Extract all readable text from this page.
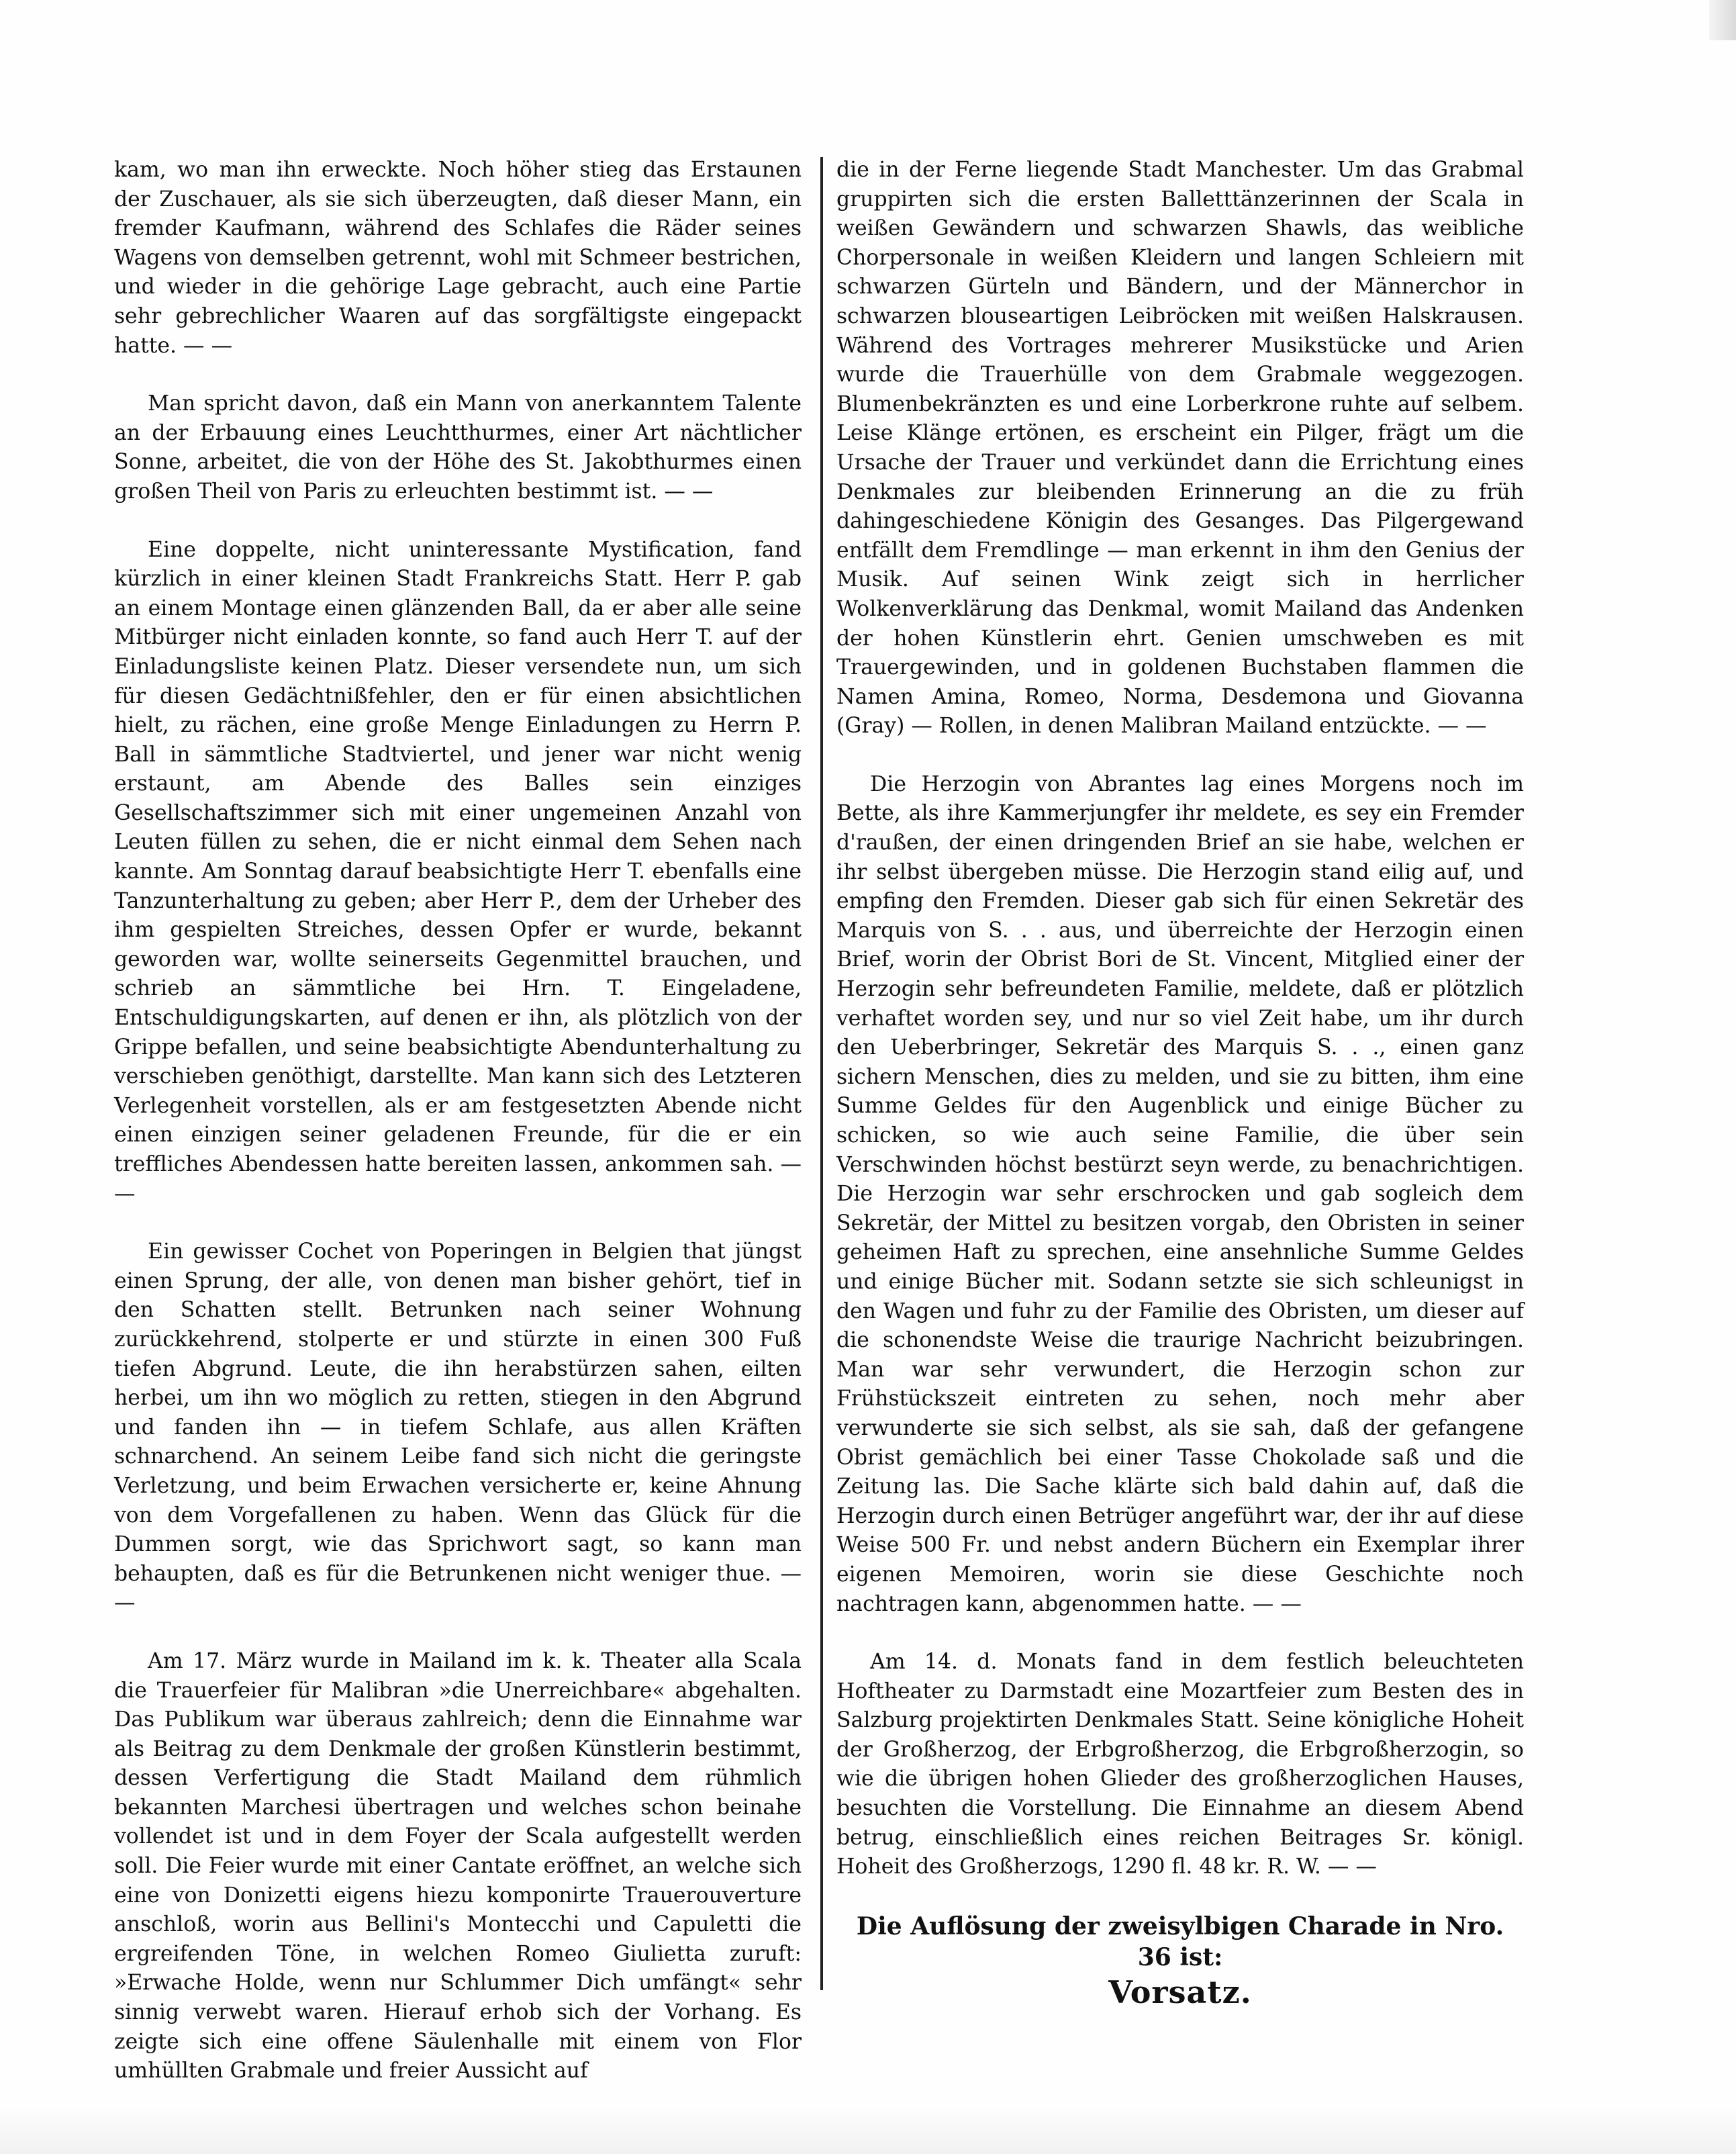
kam, wo man ihn erweckte. Noch höher stieg das Erstaunen der Zuschauer, als sie sich überzeugten, daß dieser Mann, ein fremder Kaufmann, während des Schlafes die Räder seines Wagens von demselben getrennt, wohl mit Schmeer bestrichen, und wieder in die gehörige Lage gebracht, auch eine Partie sehr gebrechlicher Waaren auf das sorgfältigste eingepackt hatte. — —

Man spricht davon, daß ein Mann von anerkanntem Talente an der Erbauung eines Leuchtthurmes, einer Art nächtlicher Sonne, arbeitet, die von der Höhe des St. Jakobthurmes einen großen Theil von Paris zu erleuchten bestimmt ist. — —

Eine doppelte, nicht uninteressante Mystification, fand kürzlich in einer kleinen Stadt Frankreichs Statt. Herr P. gab an einem Montage einen glänzenden Ball, da er aber alle seine Mitbürger nicht einladen konnte, so fand auch Herr T. auf der Einladungsliste keinen Platz. Dieser versendete nun, um sich für diesen Gedächtnißfehler, den er für einen absichtlichen hielt, zu rächen, eine große Menge Einladungen zu Herrn P. Ball in sämmtliche Stadtviertel, und jener war nicht wenig erstaunt, am Abende des Balles sein einziges Gesellschaftszimmer sich mit einer ungemeinen Anzahl von Leuten füllen zu sehen, die er nicht einmal dem Sehen nach kannte. Am Sonntag darauf beabsichtigte Herr T. ebenfalls eine Tanzunterhaltung zu geben; aber Herr P., dem der Urheber des ihm gespielten Streiches, dessen Opfer er wurde, bekannt geworden war, wollte seinerseits Gegenmittel brauchen, und schrieb an sämmtliche bei Hrn. T. Eingeladene, Entschuldigungskarten, auf denen er ihn, als plötzlich von der Grippe befallen, und seine beabsichtigte Abendunterhaltung zu verschieben genöthigt, darstellte. Man kann sich des Letzteren Verlegenheit vorstellen, als er am festgesetzten Abende nicht einen einzigen seiner geladenen Freunde, für die er ein treffliches Abendessen hatte bereiten lassen, ankommen sah. — —

Ein gewisser Cochet von Poperingen in Belgien that jüngst einen Sprung, der alle, von denen man bisher gehört, tief in den Schatten stellt. Betrunken nach seiner Wohnung zurückkehrend, stolperte er und stürzte in einen 300 Fuß tiefen Abgrund. Leute, die ihn herabstürzen sahen, eilten herbei, um ihn wo möglich zu retten, stiegen in den Abgrund und fanden ihn — in tiefem Schlafe, aus allen Kräften schnarchend. An seinem Leibe fand sich nicht die geringste Verletzung, und beim Erwachen versicherte er, keine Ahnung von dem Vorgefallenen zu haben. Wenn das Glück für die Dummen sorgt, wie das Sprichwort sagt, so kann man behaupten, daß es für die Betrunkenen nicht weniger thue. — —

Am 17. März wurde in Mailand im k. k. Theater alla Scala die Trauerfeier für Malibran »die Unerreichbare« abgehalten. Das Publikum war überaus zahlreich; denn die Einnahme war als Beitrag zu dem Denkmale der großen Künstlerin bestimmt, dessen Verfertigung die Stadt Mailand dem rühmlich bekannten Marchesi übertragen und welches schon beinahe vollendet ist und in dem Foyer der Scala aufgestellt werden soll. Die Feier wurde mit einer Cantate eröffnet, an welche sich eine von Donizetti eigens hiezu komponirte Trauerouverture anschloß, worin aus Bellini's Montecchi und Capuletti die ergreifenden Töne, in welchen Romeo Giulietta zuruft: »Erwache Holde, wenn nur Schlummer Dich umfängt« sehr sinnig verwebt waren. Hierauf erhob sich der Vorhang. Es zeigte sich eine offene Säulenhalle mit einem von Flor umhüllten Grabmale und freier Aussicht auf

die in der Ferne liegende Stadt Manchester. Um das Grabmal gruppirten sich die ersten Balletttänzerinnen der Scala in weißen Gewändern und schwarzen Shawls, das weibliche Chorpersonale in weißen Kleidern und langen Schleiern mit schwarzen Gürteln und Bändern, und der Männerchor in schwarzen blouseartigen Leibröcken mit weißen Halskrausen. Während des Vortrages mehrerer Musikstücke und Arien wurde die Trauerhülle von dem Grabmale weggezogen. Blumenbekränzten es und eine Lorberkrone ruhte auf selbem. Leise Klänge ertönen, es erscheint ein Pilger, frägt um die Ursache der Trauer und verkündet dann die Errichtung eines Denkmales zur bleibenden Erinnerung an die zu früh dahingeschiedene Königin des Gesanges. Das Pilgergewand entfällt dem Fremdlinge — man erkennt in ihm den Genius der Musik. Auf seinen Wink zeigt sich in herrlicher Wolkenverklärung das Denkmal, womit Mailand das Andenken der hohen Künstlerin ehrt. Genien umschweben es mit Trauergewinden, und in goldenen Buchstaben flammen die Namen Amina, Romeo, Norma, Desdemona und Giovanna (Gray) — Rollen, in denen Malibran Mailand entzückte. — —

Die Herzogin von Abrantes lag eines Morgens noch im Bette, als ihre Kammerjungfer ihr meldete, es sey ein Fremder d'raußen, der einen dringenden Brief an sie habe, welchen er ihr selbst übergeben müsse. Die Herzogin stand eilig auf, und empfing den Fremden. Dieser gab sich für einen Sekretär des Marquis von S. . . aus, und überreichte der Herzogin einen Brief, worin der Obrist Bori de St. Vincent, Mitglied einer der Herzogin sehr befreundeten Familie, meldete, daß er plötzlich verhaftet worden sey, und nur so viel Zeit habe, um ihr durch den Ueberbringer, Sekretär des Marquis S. . ., einen ganz sichern Menschen, dies zu melden, und sie zu bitten, ihm eine Summe Geldes für den Augenblick und einige Bücher zu schicken, so wie auch seine Familie, die über sein Verschwinden höchst bestürzt seyn werde, zu benachrichtigen. Die Herzogin war sehr erschrocken und gab sogleich dem Sekretär, der Mittel zu besitzen vorgab, den Obristen in seiner geheimen Haft zu sprechen, eine ansehnliche Summe Geldes und einige Bücher mit. Sodann setzte sie sich schleunigst in den Wagen und fuhr zu der Familie des Obristen, um dieser auf die schonendste Weise die traurige Nachricht beizubringen. Man war sehr verwundert, die Herzogin schon zur Frühstückszeit eintreten zu sehen, noch mehr aber verwunderte sie sich selbst, als sie sah, daß der gefangene Obrist gemächlich bei einer Tasse Chokolade saß und die Zeitung las. Die Sache klärte sich bald dahin auf, daß die Herzogin durch einen Betrüger angeführt war, der ihr auf diese Weise 500 Fr. und nebst andern Büchern ein Exemplar ihrer eigenen Memoiren, worin sie diese Geschichte noch nachtragen kann, abgenommen hatte. — —

Am 14. d. Monats fand in dem festlich beleuchteten Hoftheater zu Darmstadt eine Mozartfeier zum Besten des in Salzburg projektirten Denkmales Statt. Seine königliche Hoheit der Großherzog, der Erbgroßherzog, die Erbgroßherzogin, so wie die übrigen hohen Glieder des großherzoglichen Hauses, besuchten die Vorstellung. Die Einnahme an diesem Abend betrug, einschließlich eines reichen Beitrages Sr. königl. Hoheit des Großherzogs, 1290 fl. 48 kr. R. W. — —

Die Auflösung der zweisylbigen Charade in Nro. 36 ist:
Vorsatz.
